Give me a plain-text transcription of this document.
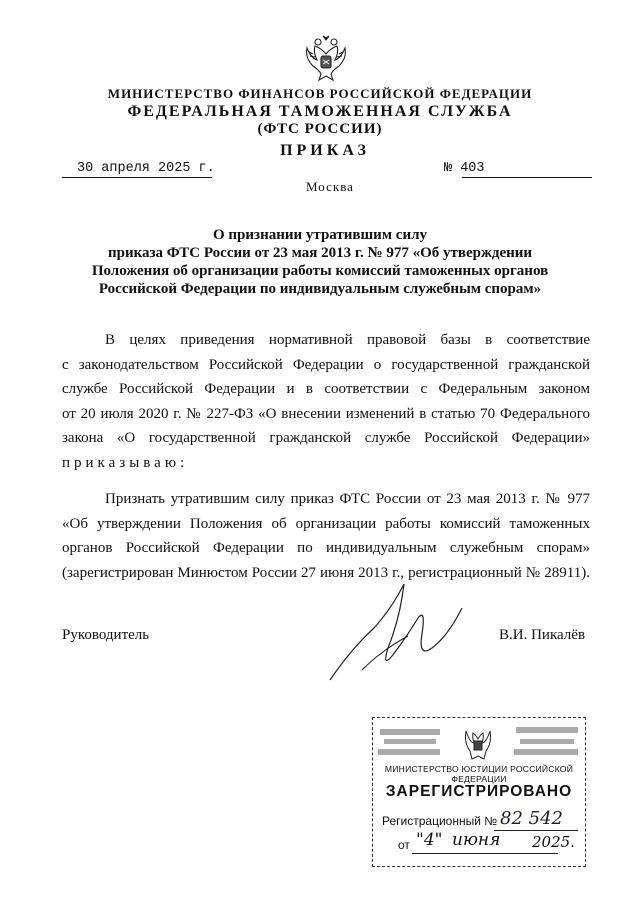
МИНИСТЕРСТВО ФИНАНСОВ РОССИЙСКОЙ ФЕДЕРАЦИИ
ФЕДЕРАЛЬНАЯ ТАМОЖЕННАЯ СЛУЖБА
(ФТС РОССИИ)
ПРИКАЗ
30 апреля 2025 г.	№ 403
Москва
О признании утратившим силу
приказа ФТС России от 23 мая 2013 г. № 977 «Об утверждении
Положения об организации работы комиссий таможенных органов
Российской Федерации по индивидуальным служебным спорам»
В целях приведения нормативной правовой базы в соответствие
с законодательством Российской Федерации о государственной гражданской
службе Российской Федерации и в соответствии с Федеральным законом
от 20 июля 2020 г. № 227-ФЗ «О внесении изменений в статью 70 Федерального
закона «О государственной гражданской службе Российской Федерации»
приказываю:
Признать утратившим силу приказ ФТС России от 23 мая 2013 г. № 977
«Об утверждении Положения об организации работы комиссий таможенных
органов Российской Федерации по индивидуальным служебным спорам»
(зарегистрирован Минюстом России 27 июня 2013 г., регистрационный № 28911).
Руководитель	В.И. Пикалёв
МИНИСТЕРСТВО ЮСТИЦИИ РОССИЙСКОЙ ФЕДЕРАЦИИ
ЗАРЕГИСТРИРОВАНО
Регистрационный № 82 542
от "4" июня 2025.
